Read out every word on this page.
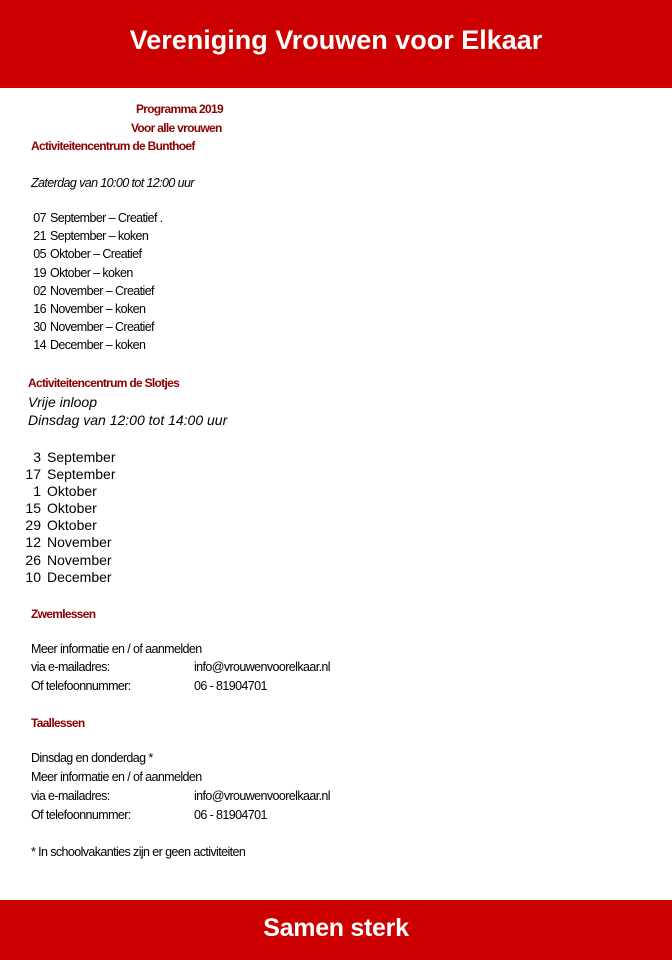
Vereniging Vrouwen voor Elkaar
Programma 2019
Voor alle vrouwen
Activiteitencentrum de Bunthoef
Zaterdag van 10:00 tot 12:00 uur
07 September – Creatief .
21 September – koken
05 Oktober – Creatief
19 Oktober – koken
02 November – Creatief
16 November – koken
30 November – Creatief
14 December – koken
Activiteitencentrum de Slotjes
Vrije inloop
Dinsdag van 12:00 tot 14:00 uur
3 September
17 September
1 Oktober
15 Oktober
29 Oktober
12 November
26 November
10 December
Zwemlessen
Meer informatie en / of aanmelden
via e-mailadres:	info@vrouwenvoorelkaar.nl
Of telefoonnummer:	06 - 81904701
Taallessen
Dinsdag en donderdag *
Meer informatie en / of aanmelden
via e-mailadres:	info@vrouwenvoorelkaar.nl
Of telefoonnummer:	06 - 81904701
* In schoolvakanties zijn er geen activiteiten
Samen sterk
